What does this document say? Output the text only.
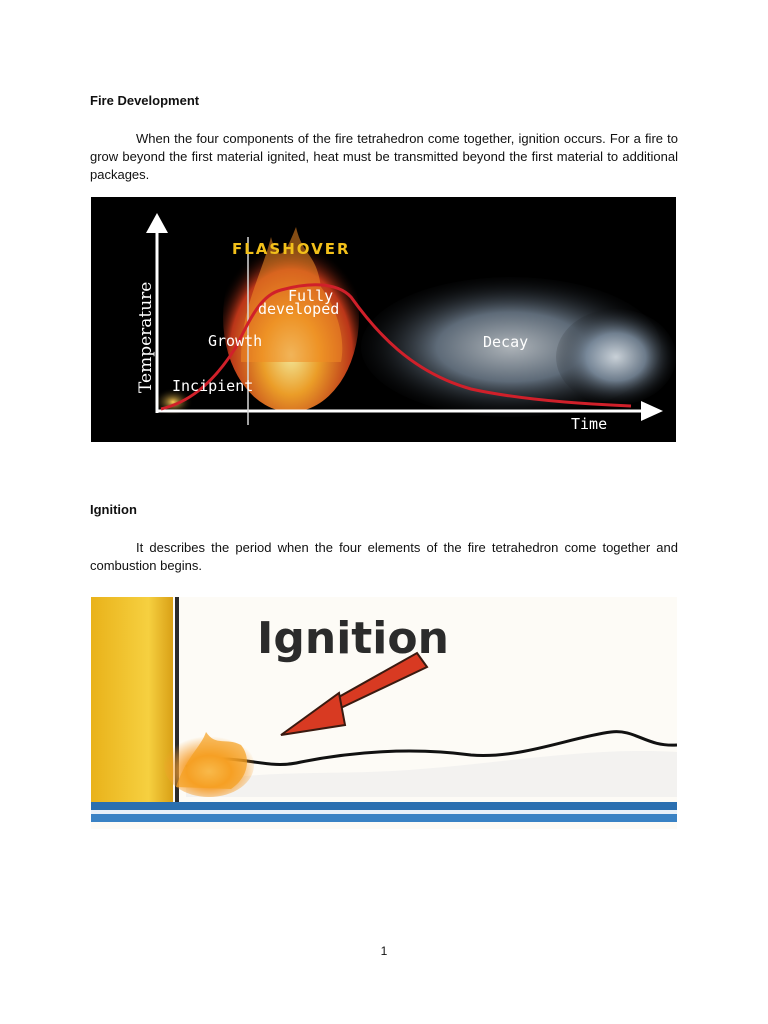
Fire Development

When the four components of the fire tetrahedron come together, ignition occurs. For a fire to grow beyond the first material ignited, heat must be transmitted beyond the first material to additional packages.

FLASHOVER
Fully
developed
Growth	Decay
Incipient
Time
Temperature
Ignition

It describes the period when the four elements of the fire tetrahedron come together and combustion begins.

Ignition
1
